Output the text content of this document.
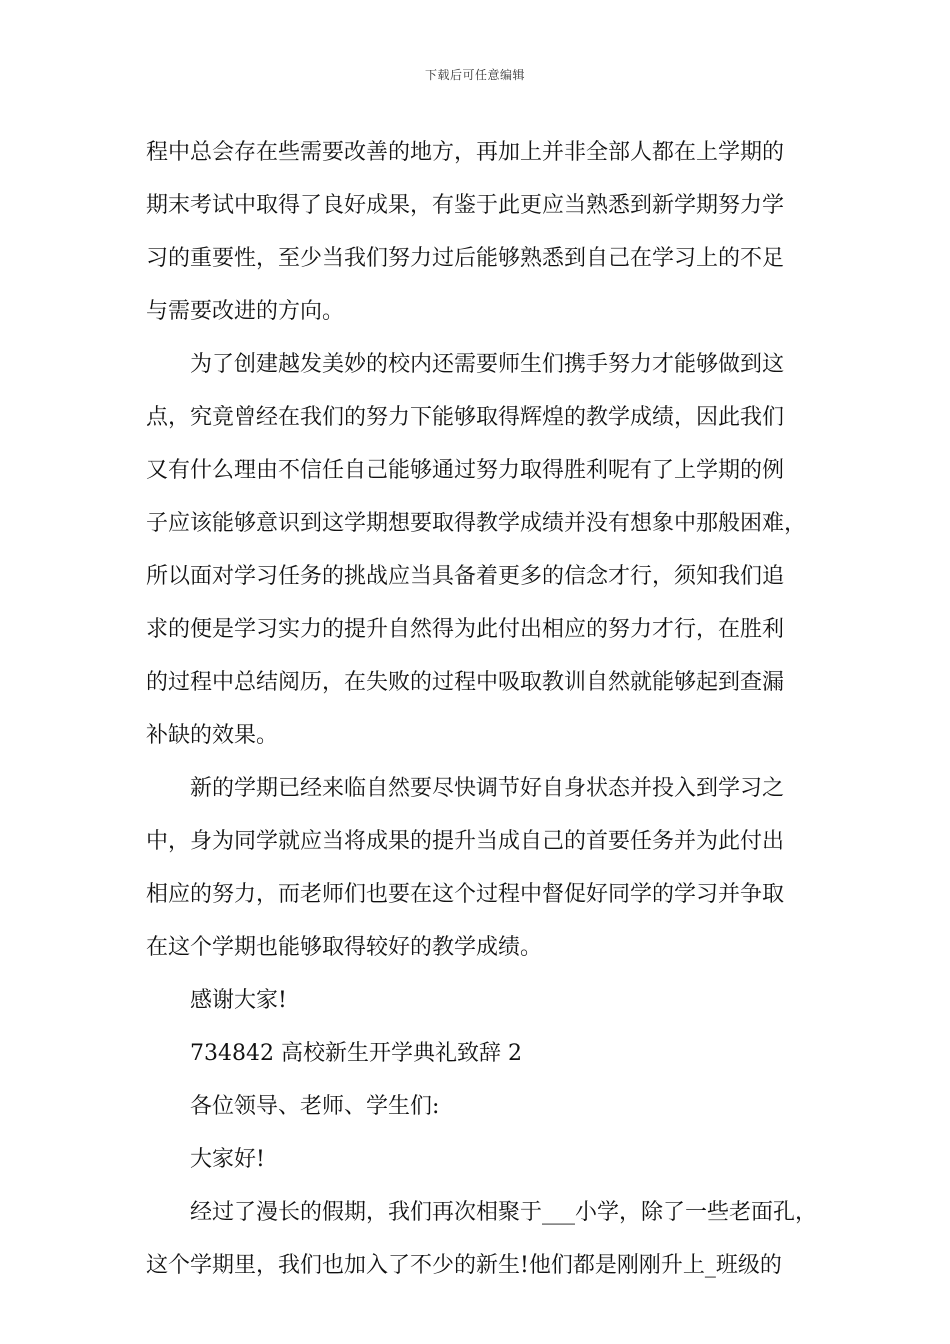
下载后可任意编辑
程中总会存在些需要改善的地方，再加上并非全部人都在上学期的
期末考试中取得了良好成果，有鉴于此更应当熟悉到新学期努力学
习的重要性，至少当我们努力过后能够熟悉到自己在学习上的不足
与需要改进的方向。
为了创建越发美妙的校内还需要师生们携手努力才能够做到这
点，究竟曾经在我们的努力下能够取得辉煌的教学成绩，因此我们
又有什么理由不信任自己能够通过努力取得胜利呢有了上学期的例
子应该能够意识到这学期想要取得教学成绩并没有想象中那般困难，
所以面对学习任务的挑战应当具备着更多的信念才行，须知我们追
求的便是学习实力的提升自然得为此付出相应的努力才行，在胜利
的过程中总结阅历，在失败的过程中吸取教训自然就能够起到查漏
补缺的效果。
新的学期已经来临自然要尽快调节好自身状态并投入到学习之
中，身为同学就应当将成果的提升当成自己的首要任务并为此付出
相应的努力，而老师们也要在这个过程中督促好同学的学习并争取
在这个学期也能够取得较好的教学成绩。
感谢大家!
734842 高校新生开学典礼致辞 2
各位领导、老师、学生们:
大家好!
经过了漫长的假期，我们再次相聚于___小学，除了一些老面孔，
这个学期里，我们也加入了不少的新生!他们都是刚刚升上_班级的
